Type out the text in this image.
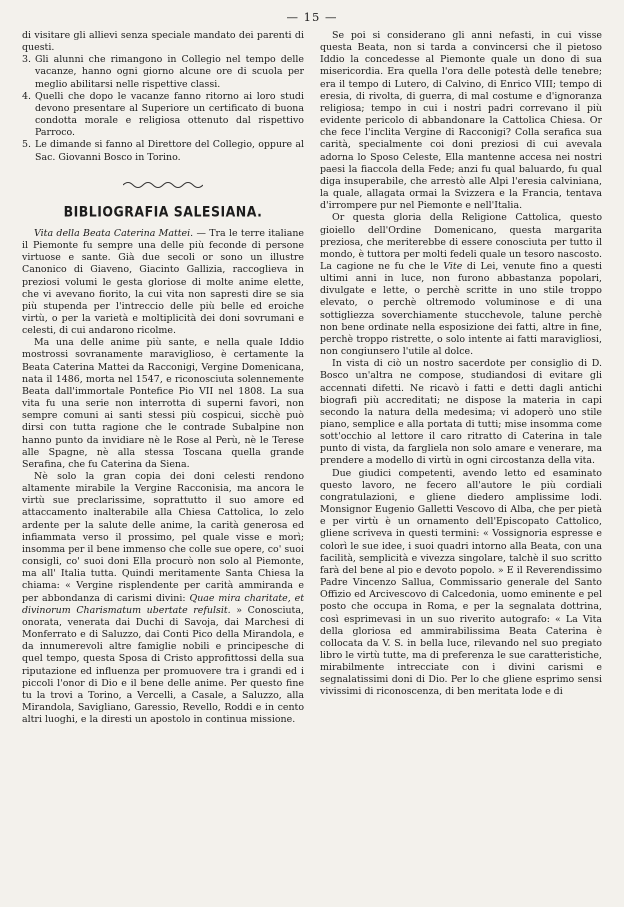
— 15 —

di visitare gli allievi senza speciale mandato dei parenti di questi.

3. Gli alunni che rimangono in Collegio nel tempo delle vacanze, hanno ogni giorno alcune ore di scuola per meglio abilitarsi nelle rispettive classi.
4. Quelli che dopo le vacanze fanno ritorno ai loro studi devono presentare al Superiore un certificato di buona condotta morale e religiosa ottenuto dal rispettivo Parroco.
5. Le dimande si fanno al Direttore del Collegio, oppure al Sac. Giovanni Bosco in Torino.
BIBLIOGRAFIA SALESIANA.

Vita della Beata Caterina Mattei. — Tra le terre italiane il Piemonte fu sempre una delle più feconde di persone virtuose e sante. Già due secoli or sono un illustre Canonico di Giaveno, Giacinto Gallizia, raccoglieva in preziosi volumi le gesta gloriose di molte anime elette, che vi avevano fiorito, la cui vita non sapresti dire se sia più stupenda per l'intreccio delle più belle ed eroiche virtù, o per la varietà e moltiplicità dei doni sovrumani e celesti, di cui andarono ricolme.

Ma una delle anime più sante, e nella quale Iddio mostrossi sovranamente maraviglioso, è certamente la Beata Caterina Mattei da Racconigi, Vergine Domenicana, nata il 1486, morta nel 1547, e riconosciuta solennemente Beata dall'immortale Pontefice Pio VII nel 1808. La sua vita fu una serie non interrotta di superni favori, non sempre comuni ai santi stessi più cospicui, sicchè può dirsi con tutta ragione che le contrade Subalpine non hanno punto da invidiare nè le Rose al Perù, nè le Terese alle Spagne, nè alla stessa Toscana quella grande Serafina, che fu Caterina da Siena.

Nè solo la gran copia dei doni celesti rendono altamente mirabile la Vergine Racconisia, ma ancora le virtù sue preclarissime, soprattutto il suo amore ed attaccamento inalterabile alla Chiesa Cattolica, lo zelo ardente per la salute delle anime, la carità generosa ed infiammata verso il prossimo, pel quale visse e morì; insomma per il bene immenso che colle sue opere, co' suoi consigli, co' suoi doni Ella procurò non solo al Piemonte, ma all' Italia tutta. Quindi meritamente Santa Chiesa la chiama: « Vergine risplendente per carità ammiranda e per abbondanza di carismi divini: Quae mira charitate, et divinorum Charismatum ubertate refulsit. » Conosciuta, onorata, venerata dai Duchi di Savoja, dai Marchesi di Monferrato e di Saluzzo, dai Conti Pico della Mirandola, e da innumerevoli altre famiglie nobili e principesche di quel tempo, questa Sposa di Cristo approfittossi della sua riputazione ed influenza per promuovere tra i grandi ed i piccoli l'onor di Dio e il bene delle anime. Per questo fine tu la trovi a Torino, a Vercelli, a Casale, a Saluzzo, alla Mirandola, Savigliano, Garessio, Revello, Roddi e in cento altri luoghi, e la diresti un apostolo in continua missione.

Se poi si considerano gli anni nefasti, in cui visse questa Beata, non si tarda a convincersi che il pietoso Iddio la concedesse al Piemonte quale un dono di sua misericordia. Era quella l'ora delle potestà delle tenebre; era il tempo di Lutero, di Calvino, di Enrico VIII; tempo di eresia, di rivolta, di guerra, di mal costume e d'ignoranza religiosa; tempo in cui i nostri padri correvano il più evidente pericolo di abbandonare la Cattolica Chiesa. Or che fece l'inclita Vergine di Racconigi? Colla serafica sua carità, specialmente coi doni preziosi di cui avevala adorna lo Sposo Celeste, Ella mantenne accesa nei nostri paesi la fiaccola della Fede; anzi fu qual baluardo, fu qual diga insuperabile, che arrestò alle Alpi l'eresia calviniana, la quale, allagata ormai la Svizzera e la Francia, tentava d'irrompere pur nel Piemonte e nell'Italia.

Or questa gloria della Religione Cattolica, questo gioiello dell'Ordine Domenicano, questa margarita preziosa, che meriterebbe di essere conosciuta per tutto il mondo, è tuttora per molti fedeli quale un tesoro nascosto. La cagione ne fu che le Vite di Lei, venute fino a questi ultimi anni in luce, non furono abbastanza popolari, divulgate e lette, o perchè scritte in uno stile troppo elevato, o perchè oltremodo voluminose e di una sottigliezza soverchiamente stucchevole, talune perchè non bene ordinate nella esposizione dei fatti, altre in fine, perchè troppo ristrette, o solo intente ai fatti maravigliosi, non congiunsero l'utile al dolce.

In vista di ciò un nostro sacerdote per consiglio di D. Bosco un'altra ne compose, studiandosi di evitare gli accennati difetti. Ne ricavò i fatti e detti dagli antichi biografi più accreditati; ne dispose la materia in capi secondo la natura della medesima; vi adoperò uno stile piano, semplice e alla portata di tutti; mise insomma come sott'occhio al lettore il caro ritratto di Caterina in tale punto di vista, da fargliela non solo amare e venerare, ma prendere a modello di virtù in ogni circostanza della vita.

Due giudici competenti, avendo letto ed esaminato questo lavoro, ne fecero all'autore le più cordiali congratulazioni, e gliene diedero amplissime lodi. Monsignor Eugenio Galletti Vescovo di Alba, che per pietà e per virtù è un ornamento dell'Episcopato Cattolico, gliene scriveva in questi termini: « Vossignoria espresse e colorì le sue idee, i suoi quadri intorno alla Beata, con una facilità, semplicità e vivezza singolare, talchè il suo scritto farà del bene al pio e devoto popolo. » E il Reverendissimo Padre Vincenzo Sallua, Commissario generale del Santo Offizio ed Arcivescovo di Calcedonia, uomo eminente e pel posto che occupa in Roma, e per la segnalata dottrina, così esprimevasi in un suo riverito autografo: « La Vita della gloriosa ed ammirabilissima Beata Caterina è collocata da V. S. in bella luce, rilevando nel suo pregiato libro le virtù tutte, ma di preferenza le sue caratteristiche, mirabilmente intrecciate con i divini carismi e segnalatissimi doni di Dio. Per lo che gliene esprimo sensi vivissimi di riconoscenza, di ben meritata lode e di
